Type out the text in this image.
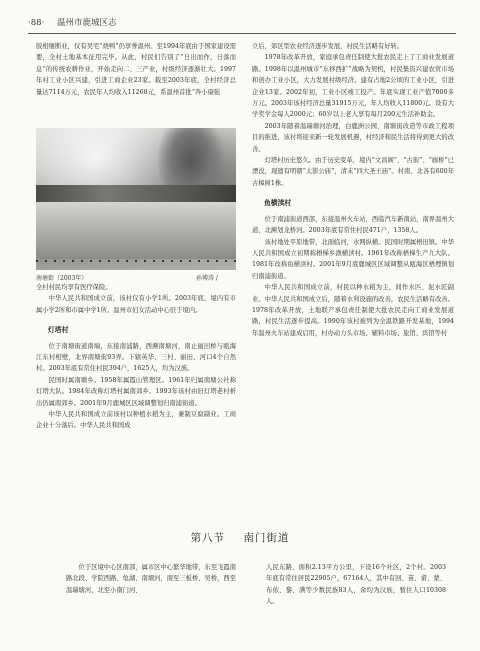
·88· 温州市鹿城区志

胶相继断业，仅有吴宅“烧鸭”仍享誉温州。至1994年底由于国家建设需要，全村土地基本征用完毕。从此，村民们告别了“日出而作，日落而息”的传统农耕作业，开始走向二、三产业，村级经济逐渐壮大。1997年村工业小区兴建，引进工商企业23家。载至2003年底，全村经济总量达7114万元，农民年人均收入11268元，系温州首批“奔小康强

南塘街（2003年）	孙博涛 /

全村村民均享有医疗保险。

中华人民共和国成立前，该村仅有小学1所。2003年底，境内有市属小学2所和市属中学1所。温州市妇女活动中心驻于境内。

灯塔村

位于南塘街道南端，东接南浦路，西濒南塘河，南止丽田桥与瓯海江东村相壁，北界南塘街93弄。下辖英华、三村、丽田、河口4个自然村。2003年底有常住村民394户，1625人，均为汉族。

民国时属南塘乡。1958年属霞山管理区。1961年归属南塘公社称灯塔大队。1984年改称灯塔村属南郊乡。1993年该村由旧灯塔老村析出仍属南郊乡。2001年9月鹿城区区域调整划归南浦街道。

中华人民共和国成立前该村以种植水稻为主，兼制豆腐副业。工商企业十分落后。中华人民共和国成

立后，郊区型农业经济逐步发展，村民生活略有好转。

1978年改革开放，家庭承包责任制使大批农民走上了工商业发展道路。1998年以温州城市“东移西扩”战略为契机，村民集资兴建农贸市场和创办工业小区，大力发展村级经济。建有占地2公顷的工业小区，引进企业13家。2002年初，工业小区竣工投产。年底实现工业产值7000多万元。2003年该村经济总量31915万元，年人均收入11800元。设有大学奖学金每人2000元；60岁以上老人享有每月200元生活补助金。

2003年随着温瑞塘河治理，白鹿洲公园、南塘街改造等市政工程项目的推进，该村将迎来新一轮发展机遇，村经济和民生活将得到更大的改善。

灯塔村历史悠久。由于历史变革，境内“文昌阁”、“古街”、“廊桥”已湮没，现遗有明朝“太影公庙”，清末“四大圣王庙”。村南、北各有600年古樟树1株。

鱼横渎村

位于南浦街道西部，东接温州火车站，西临汽车新南站，南界温州大道，北濒划龙桥河。2003年底有常住村民471户，1358人。

该村地处平原地带，北面临河，水网纵横。民国时期属梧田镇。中华人民共和国成立初期称梧梯乡渔横渎村。1961年改称梧梯生产九大队。1981年改称鱼横渎村。2001年9月底鹿城区区域调整从瓯海区梧埋镇划归南浦街道。

中华人民共和国成立前，村民以种水稻为主，间作水匹、泥水匠副业。中华人民共和国成立后，随着水利设施的改善，农民生活略有改善。1978年改革开放，土地联产承包责任制使大批农民走向工商业发展道路，村民生活逐步提高。1990年该村被列为全温铁路开发基地，1994年温州火车站建成启用，村办动力头市场、辅料市场、旅馆、宾馆等村

第八节 南门街道

位于区境中心区南部，属市区中心繁华地带，东至飞霞南路北段、学院西路、龟湖、南塘河，南至三板桥、吴桥，西至温瑞塘河，北至小南门河、

人民东路，面积2.13平方公里，下设16个社区，2个村。2003年底有常住居民22905户，67164人，其中有回、苗、畲、蒙、布依、黎、满等少数民族83人，余均为汉族，暂住人口10308人。
